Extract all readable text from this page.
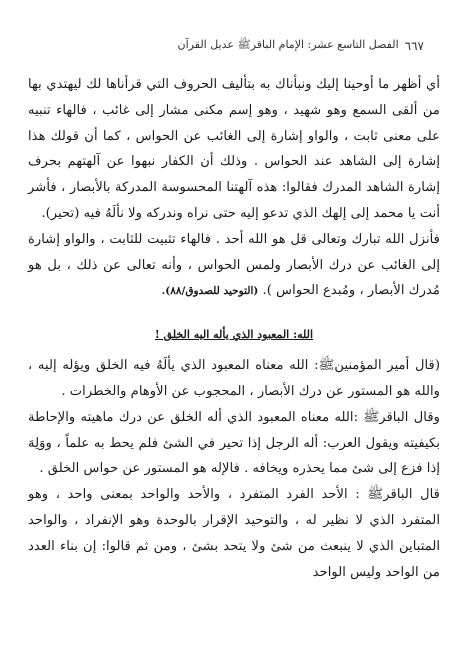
٦٦٧
الفصل التاسع عشر: الإمام الباقرﷺ عديل القرآن

أي أظهر ما أوحينا إليك ونبأناك به بتأليف الحروف التي قرأناها لك ليهتدي بها من ألقى السمع وهو شهيد ، وهو إسم مكنى مشار إلى غائب ، فالهاء تنبيه على معنى ثابت ، والواو إشارة إلى الغائب عن الحواس ، كما أن قولك هذا إشارة إلى الشاهد عند الحواس . وذلك أن الكفار نبهوا عن آلهتهم بحرف إشارة الشاهد المدرك فقالوا: هذه آلهتنا المحسوسة المدركة بالأبصار ، فأشر أنت يا محمد إلى إلهك الذي تدعو إليه حتى نراه وندركه ولا نألَهُ فيه (تحير).

فأنزل الله تبارك وتعالى قل هو الله أحد . فالهاء تثبيت للثابت ، والواو إشارة إلى الغائب عن درك الأبصار ولمس الحواس ، وأنه تعالى عن ذلك ، بل هو مُدرك الأبصار ، ومُبدع الحواس ). (التوحيد للصدوق/٨٨).

الله: المعبود الذي يأله اليه الخلق !

(قال أمير المؤمنينﷺ: الله معناه المعبود الذي يألَهُ فيه الخلق ويؤله إليه ، والله هو المستور عن درك الأبصار ، المحجوب عن الأوهام والخطرات .

وقال الباقرﷺ :الله معناه المعبود الذي أله الخلق عن درك ماهيته والإحاطة بكيفيته ويقول العرب: أله الرجل إذا تحير في الشئ فلم يحط به علماً ، ووَلِهَ إذا فزع إلى شئ مما يحذره ويخافه . فالإله هو المستور عن حواس الخلق .

قال الباقرﷺ : الأحد الفرد المتفرد ، والأحد والواحد بمعنى واحد ، وهو المتفرد الذي لا نظير له ، والتوحيد الإقرار بالوحدة وهو الإنفراد ، والواحد المتباين الذي لا ينبعث من شئ ولا يتحد بشئ ، ومن ثم قالوا: إن بناء العدد من الواحد وليس الواحد
